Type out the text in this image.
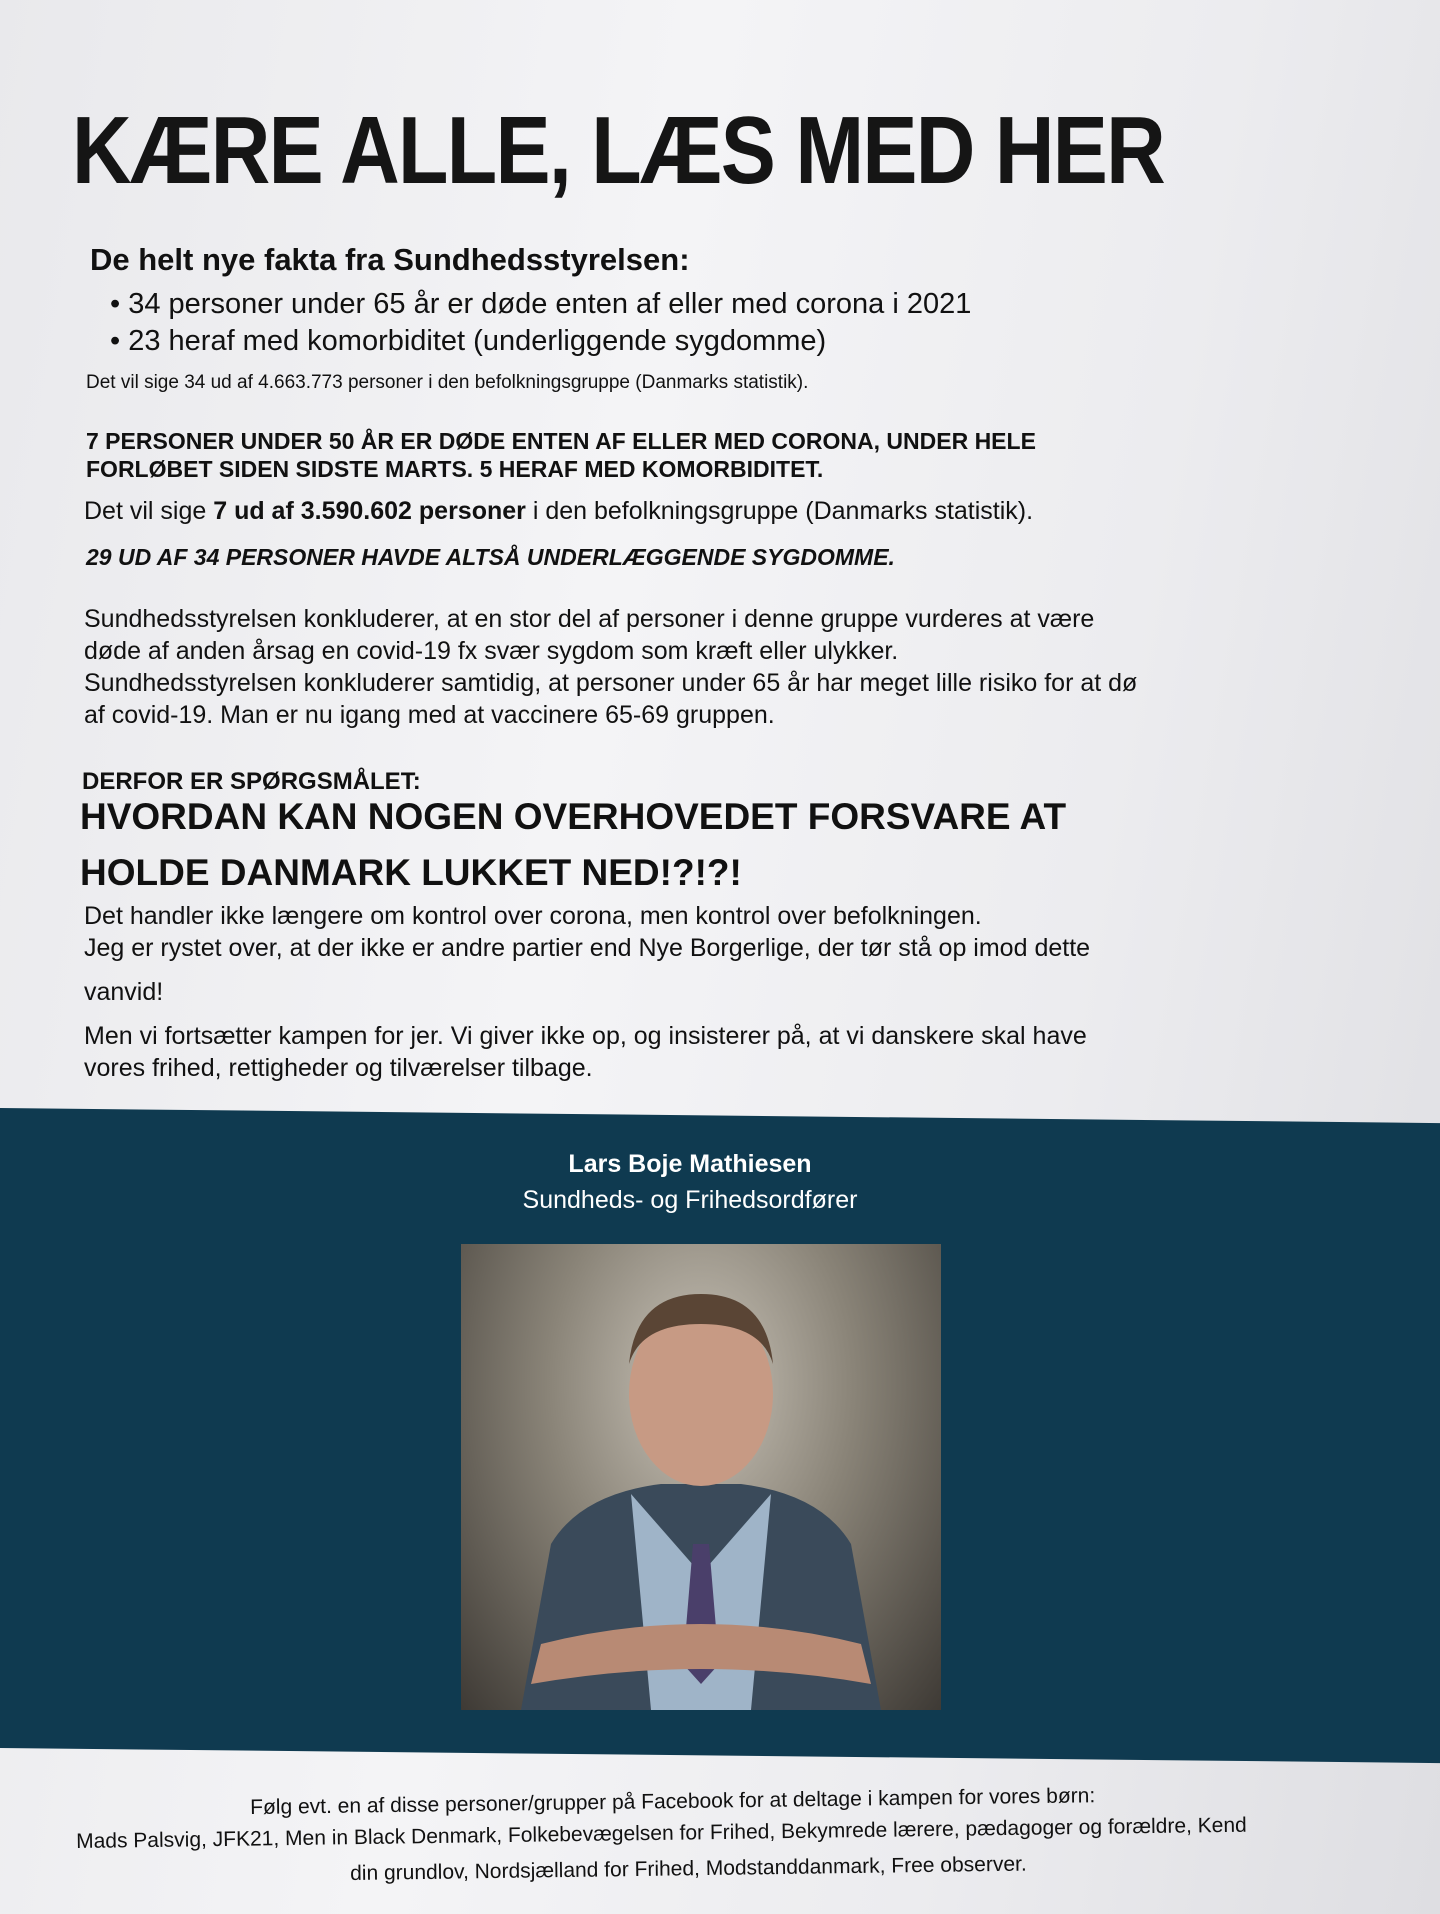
KÆRE ALLE, LÆS MED HER
De helt nye fakta fra Sundhedsstyrelsen:
• 34 personer under 65 år er døde enten af eller med corona i 2021
• 23 heraf med komorbiditet (underliggende sygdomme)
Det vil sige 34 ud af 4.663.773 personer i den befolkningsgruppe (Danmarks statistik).
7 PERSONER UNDER 50 ÅR ER DØDE ENTEN AF ELLER MED CORONA, UNDER HELE
FORLØBET SIDEN SIDSTE MARTS. 5 HERAF MED KOMORBIDITET.
Det vil sige 7 ud af 3.590.602 personer i den befolkningsgruppe (Danmarks statistik).
29 UD AF 34 PERSONER HAVDE ALTSÅ UNDERLÆGGENDE SYGDOMME.
Sundhedsstyrelsen konkluderer, at en stor del af personer i denne gruppe vurderes at være
døde af anden årsag en covid-19 fx svær sygdom som kræft eller ulykker.
Sundhedsstyrelsen konkluderer samtidig, at personer under 65 år har meget lille risiko for at dø
af covid-19. Man er nu igang med at vaccinere 65-69 gruppen.
DERFOR ER SPØRGSMÅLET:
HVORDAN KAN NOGEN OVERHOVEDET FORSVARE AT
HOLDE DANMARK LUKKET NED!?!?!
Det handler ikke længere om kontrol over corona, men kontrol over befolkningen.
Jeg er rystet over, at der ikke er andre partier end Nye Borgerlige, der tør stå op imod dette
vanvid!
Men vi fortsætter kampen for jer. Vi giver ikke op, og insisterer på, at vi danskere skal have
vores frihed, rettigheder og tilværelser tilbage.
Lars Boje Mathiesen
Sundheds- og Frihedsordfører
Følg evt. en af disse personer/grupper på Facebook for at deltage i kampen for vores børn:
Mads Palsvig, JFK21, Men in Black Denmark, Folkebevægelsen for Frihed, Bekymrede lærere, pædagoger og forældre, Kend
din grundlov, Nordsjælland for Frihed, Modstanddanmark, Free observer.
